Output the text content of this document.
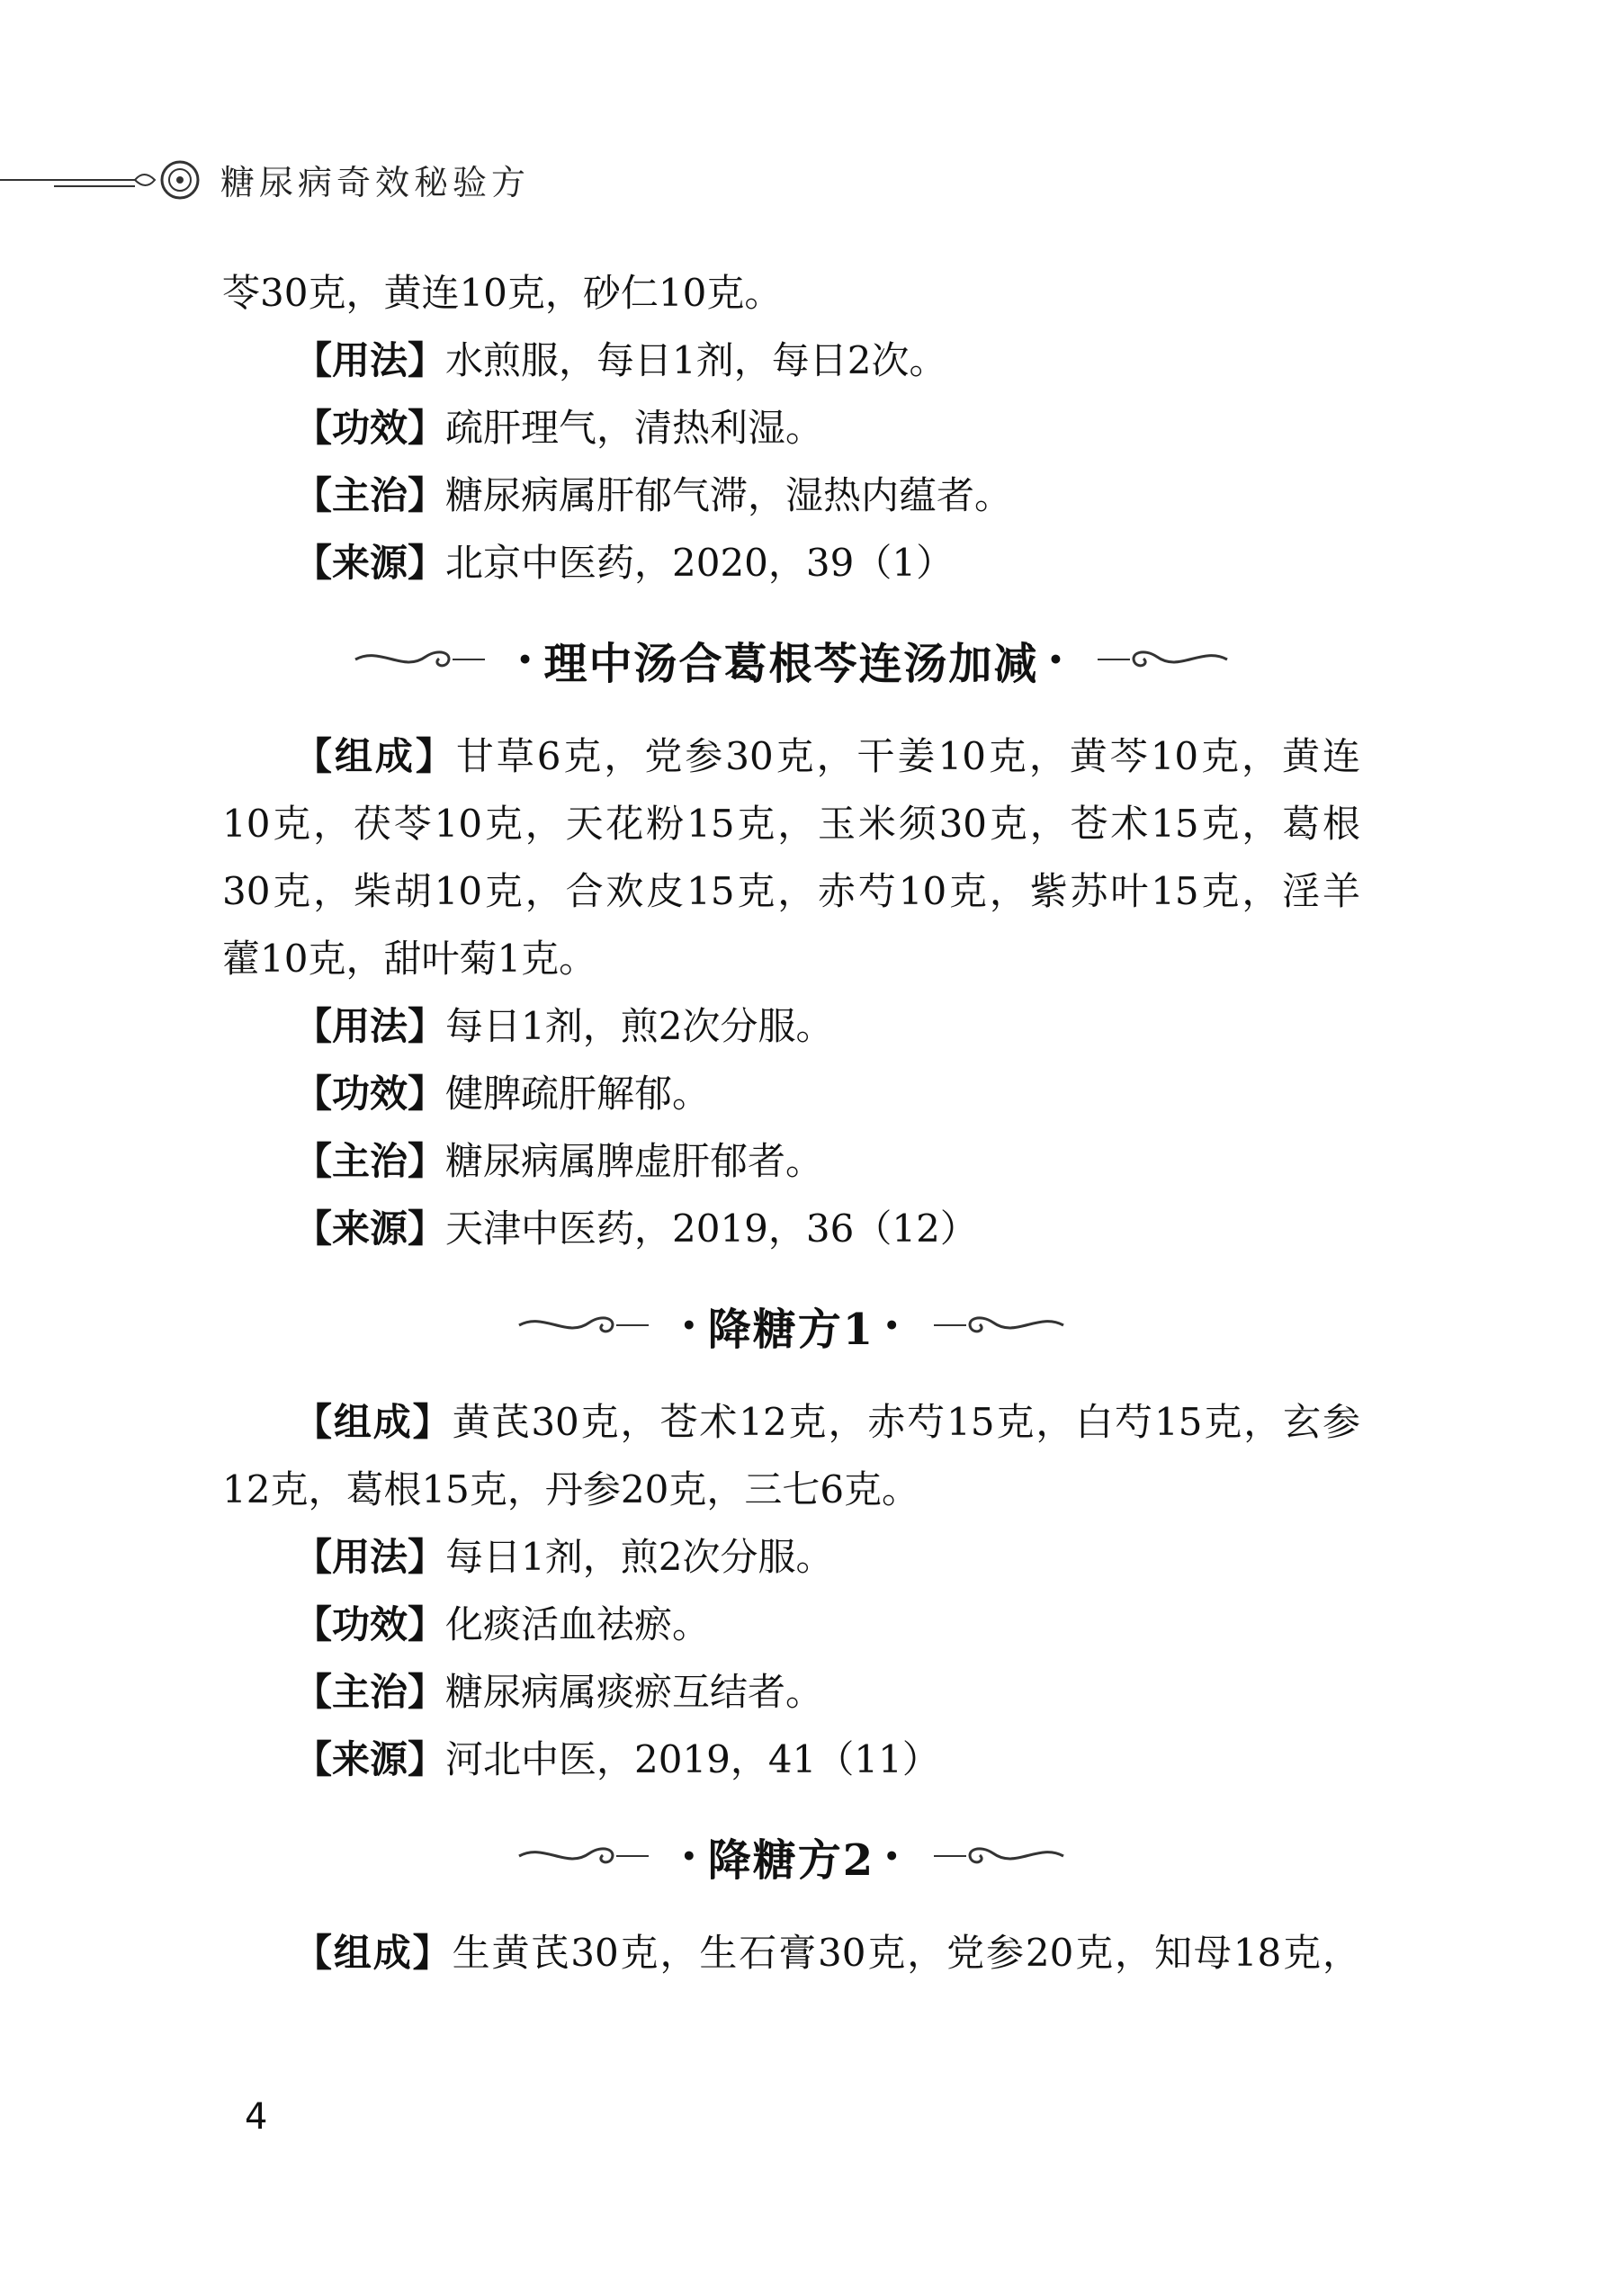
糖尿病奇效秘验方
苓30克，黄连10克，砂仁10克。
【用法】水煎服，每日1剂，每日2次。
【功效】疏肝理气，清热利湿。
【主治】糖尿病属肝郁气滞，湿热内蕴者。
【来源】北京中医药，2020，39（1）
• 理中汤合葛根芩连汤加减 •
【组成】甘草6克，党参30克，干姜10克，黄芩10克，黄连
10克，茯苓10克，天花粉15克，玉米须30克，苍术15克，葛根
30克，柴胡10克，合欢皮15克，赤芍10克，紫苏叶15克，淫羊
藿10克，甜叶菊1克。
【用法】每日1剂，煎2次分服。
【功效】健脾疏肝解郁。
【主治】糖尿病属脾虚肝郁者。
【来源】天津中医药，2019，36（12）
• 降糖方1 •
【组成】黄芪30克，苍术12克，赤芍15克，白芍15克，玄参
12克，葛根15克，丹参20克，三七6克。
【用法】每日1剂，煎2次分服。
【功效】化痰活血祛瘀。
【主治】糖尿病属痰瘀互结者。
【来源】河北中医，2019，41（11）
• 降糖方2 •
【组成】生黄芪30克，生石膏30克，党参20克，知母18克，
4
